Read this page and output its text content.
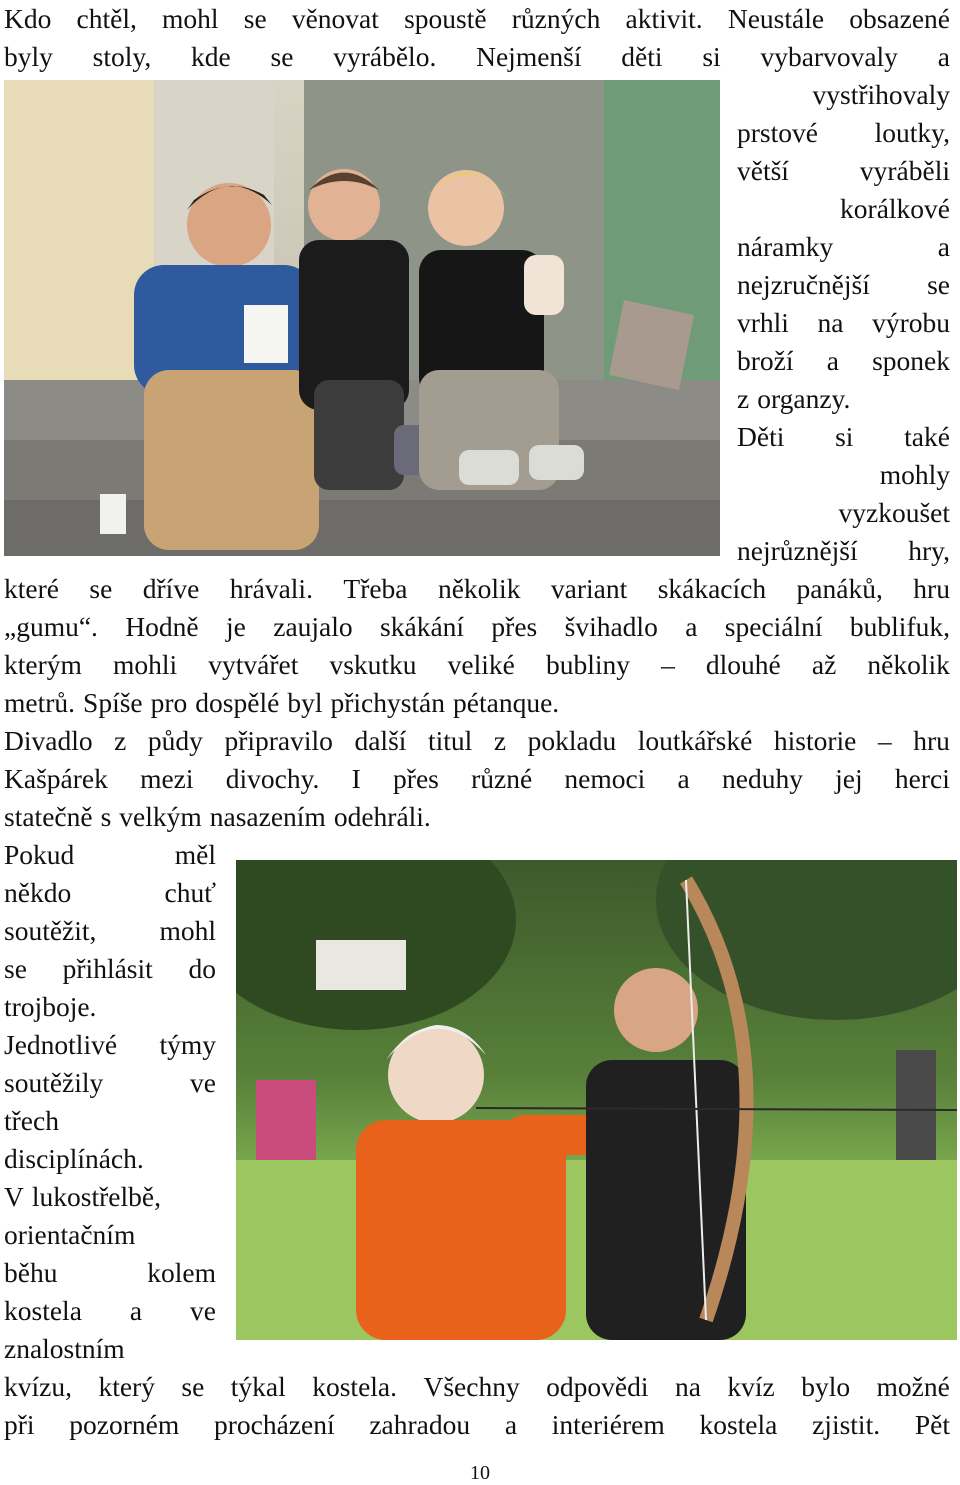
Kdo chtěl, mohl se věnovat spoustě různých aktivit. Neustále obsazené
byly stoly, kde se vyrábělo. Nejmenší děti si vybarvovaly a
vystřihovaly
prstové loutky,
větší	vyráběli
korálkové
náramky	a
nejzručnější se
vrhli na výrobu
broží a sponek
z organzy.
Děti si také
mohly
vyzkoušet
nejrůznější hry,
které se dříve hrávali. Třeba několik variant skákacích panáků, hru
„gumu“. Hodně je zaujalo skákání přes švihadlo a speciální bublifuk,
kterým mohli vytvářet vskutku veliké bubliny – dlouhé až několik
metrů. Spíše pro dospělé byl přichystán pétanque.
Divadlo z půdy připravilo další titul z pokladu loutkářské historie – hru
Kašpárek mezi divochy. I přes různé nemoci a neduhy jej herci
statečně s velkým nasazením odehráli.
Pokud	měl
někdo	chuť
soutěžit, mohl
se přihlásit do
trojboje.
Jednotlivé týmy
soutěžily	ve
třech
disciplínách.
V lukostřelbě,
orientačním
běhu	kolem
kostela a ve
znalostním
kvízu, který se týkal kostela. Všechny odpovědi na kvíz bylo možné
při pozorném procházení zahradou a interiérem kostela zjistit. Pět
10
